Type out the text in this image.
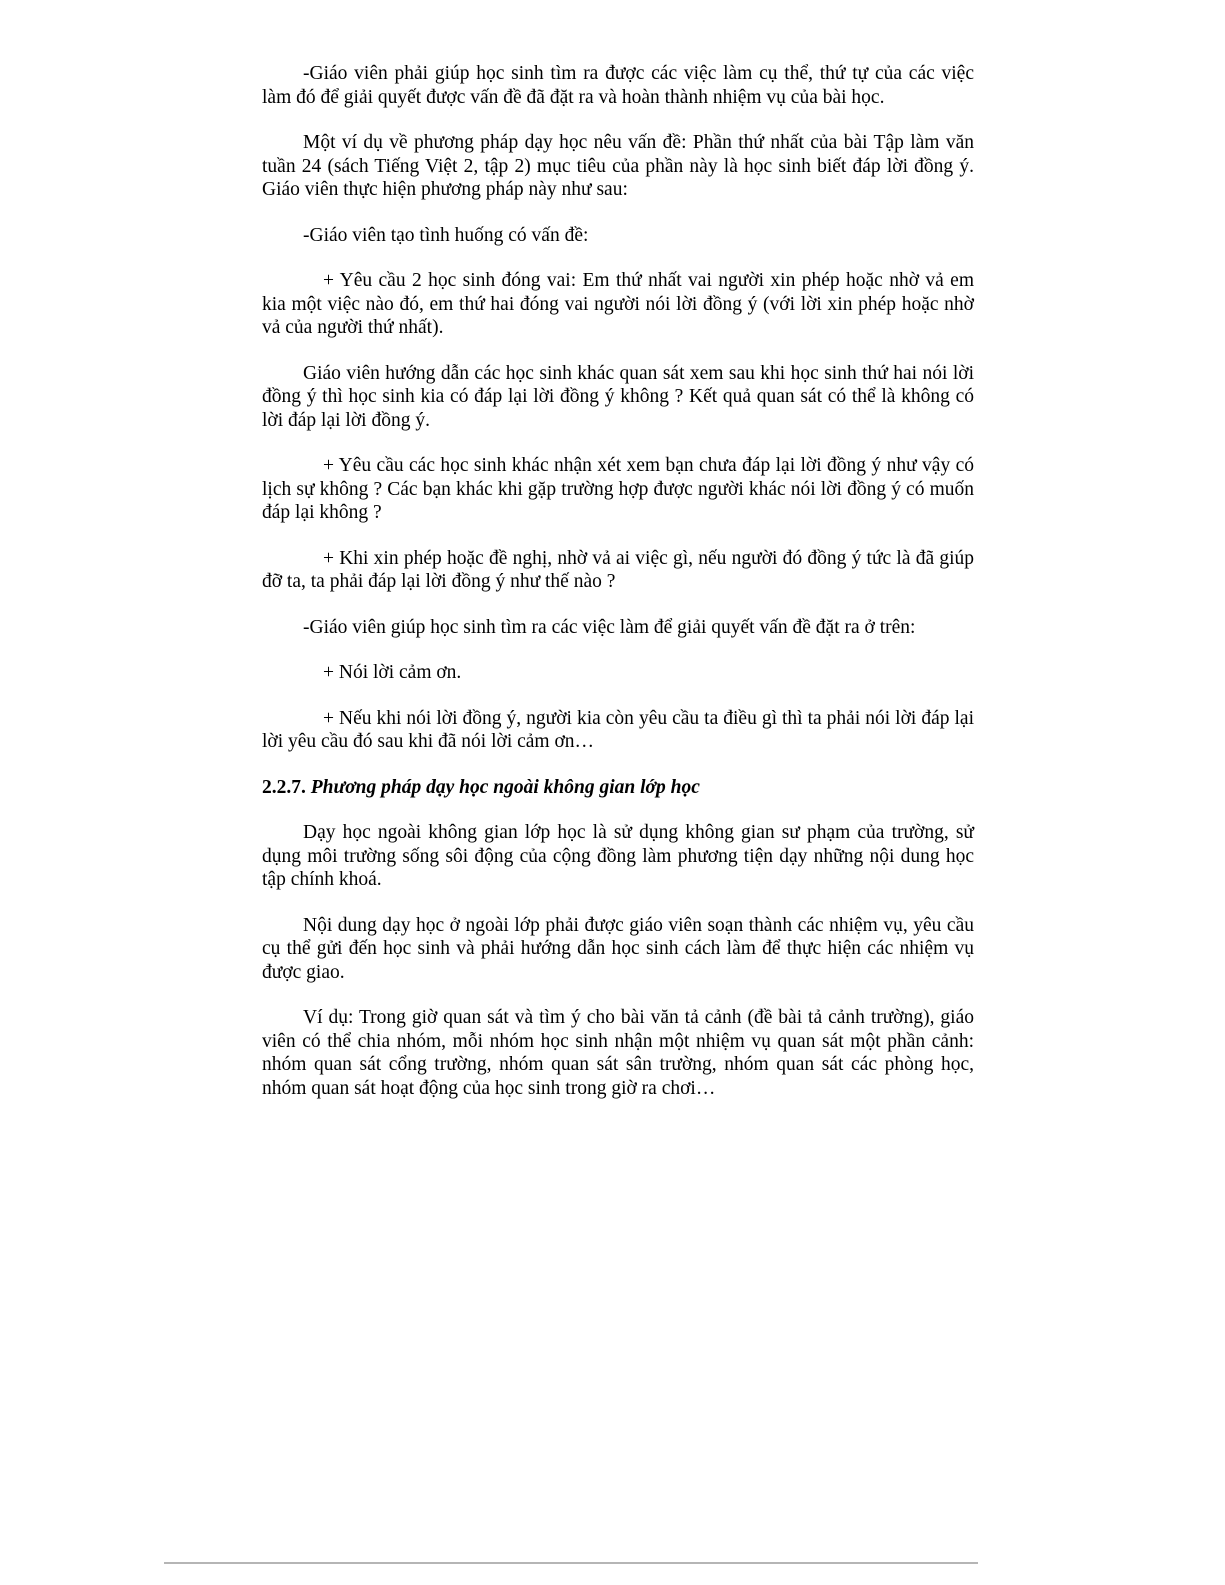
-Giáo viên phải giúp học sinh tìm ra được các việc làm cụ thể, thứ tự của các việc làm đó để giải quyết được vấn đề đã đặt ra và hoàn thành nhiệm vụ của bài học.

Một ví dụ về phương pháp dạy học nêu vấn đề: Phần thứ nhất của bài Tập làm văn tuần 24 (sách Tiếng Việt 2, tập 2) mục tiêu của phần này là học sinh biết đáp lời đồng ý. Giáo viên thực hiện phương pháp này như sau:

-Giáo viên tạo tình huống có vấn đề:

+ Yêu cầu 2 học sinh đóng vai: Em thứ nhất vai người xin phép hoặc nhờ vả em kia một việc nào đó, em thứ hai đóng vai người nói lời đồng ý (với lời xin phép hoặc nhờ vả của người thứ nhất).

Giáo viên hướng dẫn các học sinh khác quan sát xem sau khi học sinh thứ hai nói lời đồng ý thì học sinh kia có đáp lại lời đồng ý không ? Kết quả quan sát có thể là không có lời đáp lại lời đồng ý.

+ Yêu cầu các học sinh khác nhận xét xem bạn chưa đáp lại lời đồng ý như vậy có lịch sự không ? Các bạn khác khi gặp trường hợp được người khác nói lời đồng ý có muốn đáp lại không ?

+ Khi xin phép hoặc đề nghị, nhờ vả ai việc gì, nếu người đó đồng ý tức là đã giúp đỡ ta, ta phải đáp lại lời đồng ý như thế nào ?

-Giáo viên giúp học sinh tìm ra các việc làm để giải quyết vấn đề đặt ra ở trên:

+ Nói lời cảm ơn.

+ Nếu khi nói lời đồng ý, người kia còn yêu cầu ta điều gì thì ta phải nói lời đáp lại lời yêu cầu đó sau khi đã nói lời cảm ơn…

2.2.7. Phương pháp dạy học ngoài không gian lớp học

Dạy học ngoài không gian lớp học là sử dụng không gian sư phạm của trường, sử dụng môi trường sống sôi động của cộng đồng làm phương tiện dạy những nội dung học tập chính khoá.

Nội dung dạy học ở ngoài lớp phải được giáo viên soạn thành các nhiệm vụ, yêu cầu cụ thể gửi đến học sinh và phải hướng dẫn học sinh cách làm để thực hiện các nhiệm vụ được giao.

Ví dụ: Trong giờ quan sát và tìm ý cho bài văn tả cảnh (đề bài tả cảnh trường), giáo viên có thể chia nhóm, mỗi nhóm học sinh nhận một nhiệm vụ quan sát một phần cảnh: nhóm quan sát cổng trường, nhóm quan sát sân trường, nhóm quan sát các phòng học, nhóm quan sát hoạt động của học sinh trong giờ ra chơi…
